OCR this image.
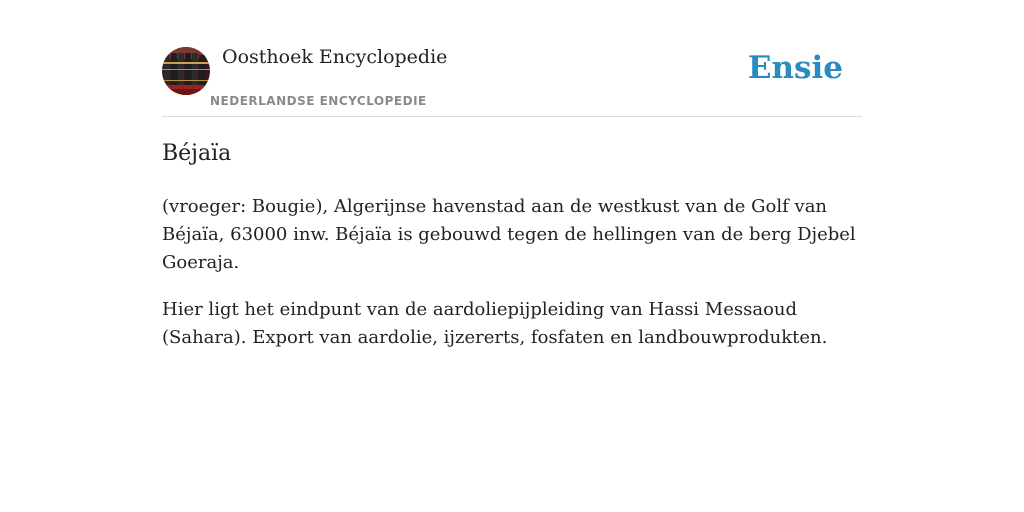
Oosthoek Encyclopedie
NEDERLANDSE ENCYCLOPEDIE
Ensie
Béjaïa

(vroeger: Bougie), Algerijnse havenstad aan de westkust van de Golf van Béjaïa, 63000 inw. Béjaïa is gebouwd tegen de hellingen van de berg Djebel Goeraja.

Hier ligt het eindpunt van de aardoliepijpleiding van Hassi Messaoud (Sahara). Export van aardolie, ijzererts, fosfaten en landbouwprodukten.
